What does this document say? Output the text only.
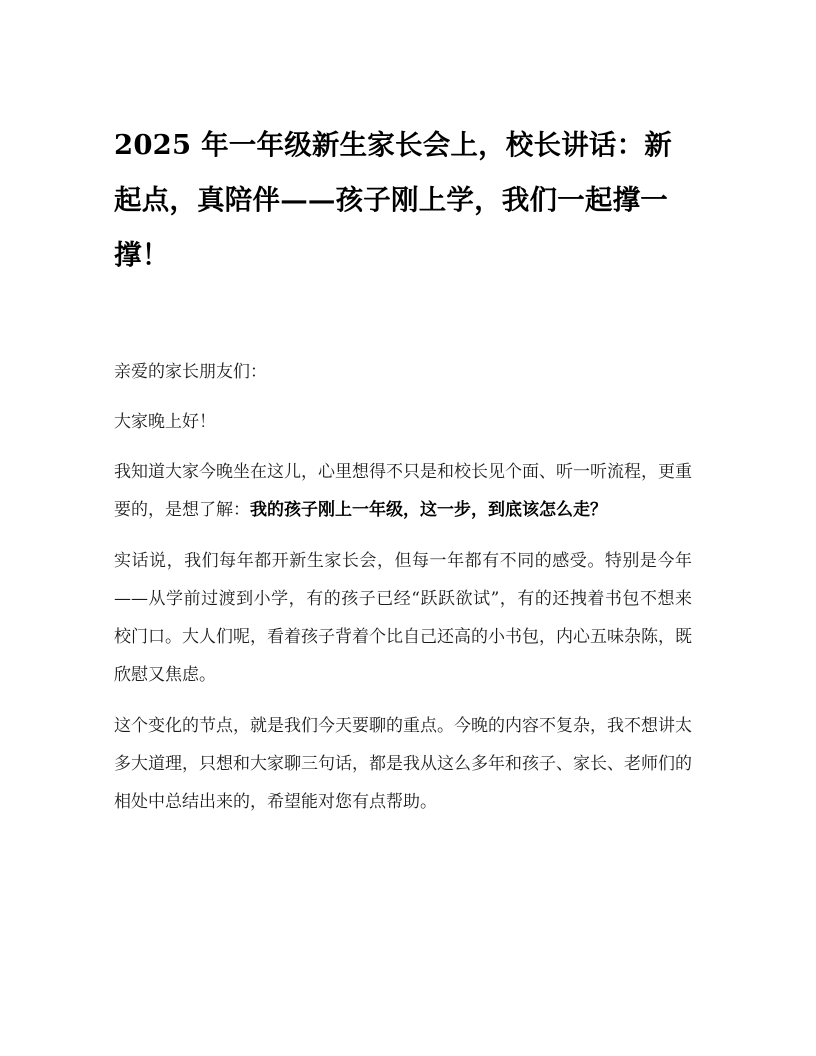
2025 年一年级新生家长会上，校长讲话：新起点，真陪伴——孩子刚上学，我们一起撑一撑！

亲爱的家长朋友们：

大家晚上好！

我知道大家今晚坐在这儿，心里想得不只是和校长见个面、听一听流程，更重要的，是想了解：我的孩子刚上一年级，这一步，到底该怎么走？

实话说，我们每年都开新生家长会，但每一年都有不同的感受。特别是今年——从学前过渡到小学，有的孩子已经“跃跃欲试”，有的还拽着书包不想来校门口。大人们呢，看着孩子背着个比自己还高的小书包，内心五味杂陈，既欣慰又焦虑。

这个变化的节点，就是我们今天要聊的重点。今晚的内容不复杂，我不想讲太多大道理，只想和大家聊三句话，都是我从这么多年和孩子、家长、老师们的相处中总结出来的，希望能对您有点帮助。
